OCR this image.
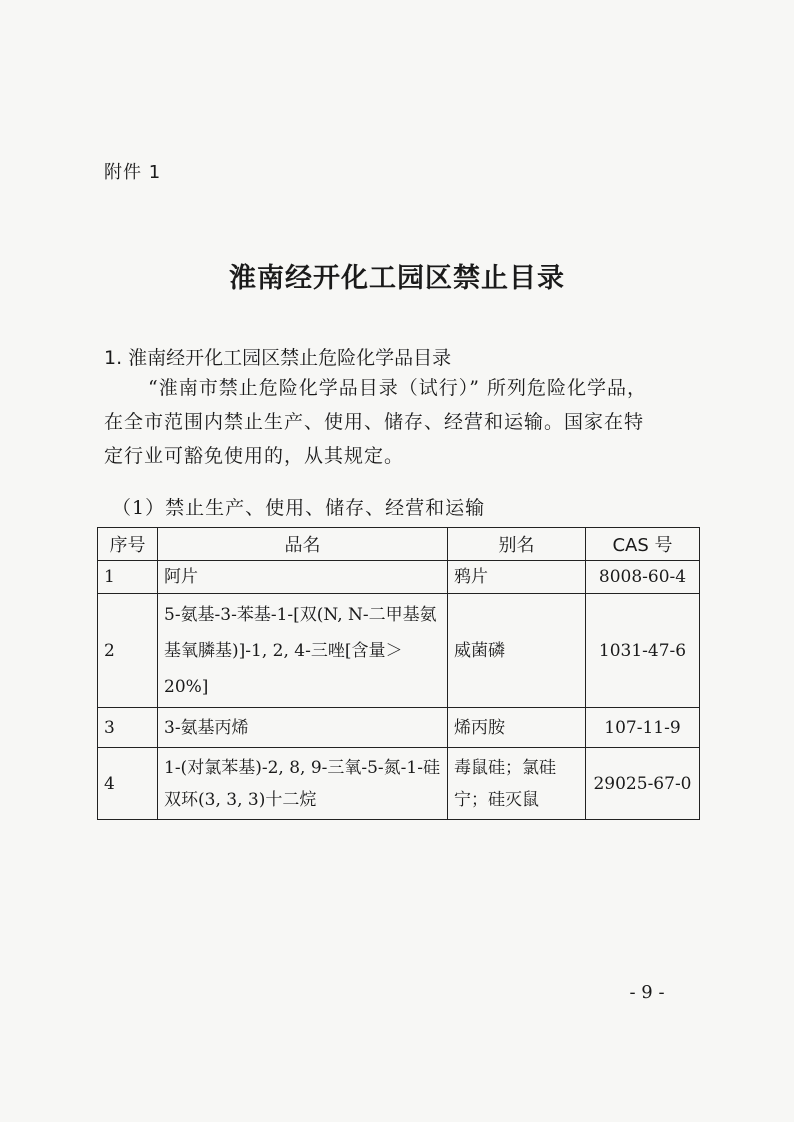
附件 1
淮南经开化工园区禁止目录
1. 淮南经开化工园区禁止危险化学品目录

“淮南市禁止危险化学品目录（试行）” 所列危险化学品，

在全市范围内禁止生产、使用、储存、经营和运输。国家在特

定行业可豁免使用的，从其规定。

（1）禁止生产、使用、储存、经营和运输
序号	品名	别名	CAS 号
1	阿片	鸦片	8008-60-4
2	5-氨基-3-苯基-1-[双(N, N-二甲基氨基氧膦基)]-1, 2, 4-三唑[含量＞20%]	威菌磷	1031-47-6
3	3-氨基丙烯	烯丙胺	107-11-9
4	1-(对氯苯基)-2, 8, 9-三氧-5-氮-1-硅双环(3, 3, 3)十二烷	毒鼠硅；氯硅宁；硅灭鼠	29025-67-0
- 9 -
